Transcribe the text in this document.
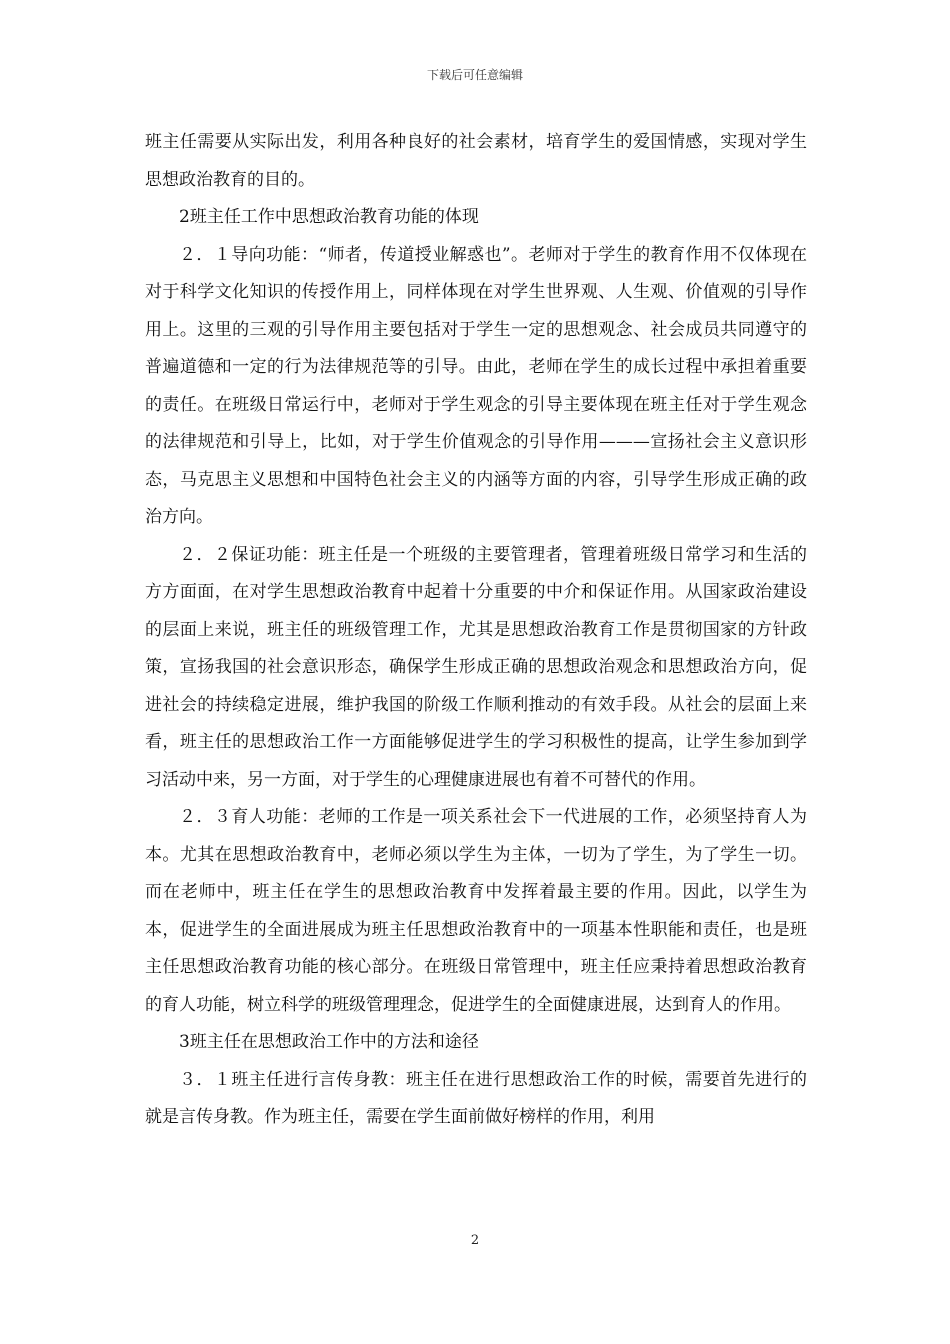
下载后可任意编辑

班主任需要从实际出发，利用各种良好的社会素材，培育学生的爱国情感，实现对学生思想政治教育的目的。

2班主任工作中思想政治教育功能的体现

２．１导向功能：“师者，传道授业解惑也”。老师对于学生的教育作用不仅体现在对于科学文化知识的传授作用上，同样体现在对学生世界观、人生观、价值观的引导作用上。这里的三观的引导作用主要包括对于学生一定的思想观念、社会成员共同遵守的普遍道德和一定的行为法律规范等的引导。由此，老师在学生的成长过程中承担着重要的责任。在班级日常运行中，老师对于学生观念的引导主要体现在班主任对于学生观念的法律规范和引导上，比如，对于学生价值观念的引导作用———宣扬社会主义意识形态，马克思主义思想和中国特色社会主义的内涵等方面的内容，引导学生形成正确的政治方向。

２．２保证功能：班主任是一个班级的主要管理者，管理着班级日常学习和生活的方方面面，在对学生思想政治教育中起着十分重要的中介和保证作用。从国家政治建设的层面上来说，班主任的班级管理工作，尤其是思想政治教育工作是贯彻国家的方针政策，宣扬我国的社会意识形态，确保学生形成正确的思想政治观念和思想政治方向，促进社会的持续稳定进展，维护我国的阶级工作顺利推动的有效手段。从社会的层面上来看，班主任的思想政治工作一方面能够促进学生的学习积极性的提高，让学生参加到学习活动中来，另一方面，对于学生的心理健康进展也有着不可替代的作用。

２．３育人功能：老师的工作是一项关系社会下一代进展的工作，必须坚持育人为本。尤其在思想政治教育中，老师必须以学生为主体，一切为了学生，为了学生一切。而在老师中，班主任在学生的思想政治教育中发挥着最主要的作用。因此，以学生为本，促进学生的全面进展成为班主任思想政治教育中的一项基本性职能和责任，也是班主任思想政治教育功能的核心部分。在班级日常管理中，班主任应秉持着思想政治教育的育人功能，树立科学的班级管理理念，促进学生的全面健康进展，达到育人的作用。

3班主任在思想政治工作中的方法和途径

３．１班主任进行言传身教：班主任在进行思想政治工作的时候，需要首先进行的就是言传身教。作为班主任，需要在学生面前做好榜样的作用，利用

2
